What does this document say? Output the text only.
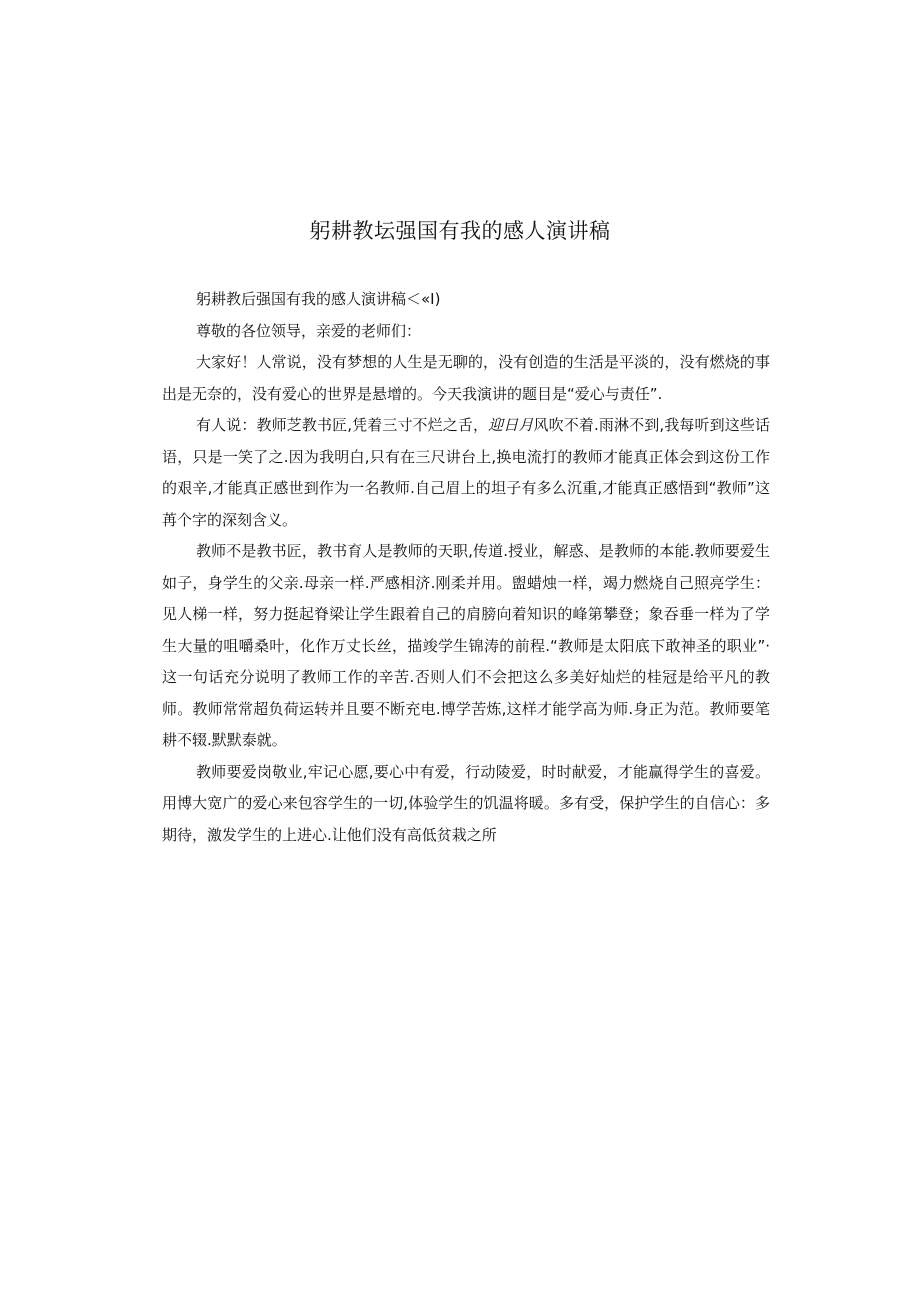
躬耕教坛强国有我的感人演讲稿

躬耕教后强国有我的感人演讲稿＜«I)

尊敬的各位领导，亲爱的老师们：

大家好！人常说，没有梦想的人生是无聊的，没有创造的生活是平淡的，没有燃烧的事出是无奈的，没有爱心的世界是悬增的。今天我演讲的题目是“爱心与责任”.

有人说：教师芝教书匠,凭着三寸不烂之舌，迎日月风吹不着.雨淋不到,我每听到这些话语，只是一笑了之.因为我明白,只有在三尺讲台上,换电流打的教师才能真正体会到这份工作的艰辛,才能真正感世到作为一名教师.自己眉上的坦子有多么沉重,才能真正感悟到“教师”这苒个字的深刻含义。

教师不是教书匠，教书育人是教师的天职,传道.授业，解惑、是教师的本能.教师要爱生如子，身学生的父亲.母亲一样.严感相济.刚柔并用。盥蜡烛一样，竭力燃烧自己照亮学生：见人梯一样，努力挺起脊梁让学生跟着自己的肩膀向着知识的峰第攀登；象吞垂一样为了学生大量的咀嚼桑叶，化作万丈长丝，描竣学生锦涛的前程.“教师是太阳底下敢神圣的职业”·这一句话充分说明了教师工作的辛苦.否则人们不会把这么多美好灿烂的桂冠是给平凡的教师。教师常常超负荷运转并且要不断充电.博学苦炼,这样才能学高为师.身正为范。教师要笔耕不辍.默默泰就。

教师要爱岗敬业,牢记心愿,要心中有爱，行动陵爱，时时献爱，才能赢得学生的喜爱。用博大宽广的爱心来包容学生的一切,体验学生的饥温将暖。多有受，保护学生的自信心：多期待，激发学生的上进心.让他们没有高低贫栽之所
